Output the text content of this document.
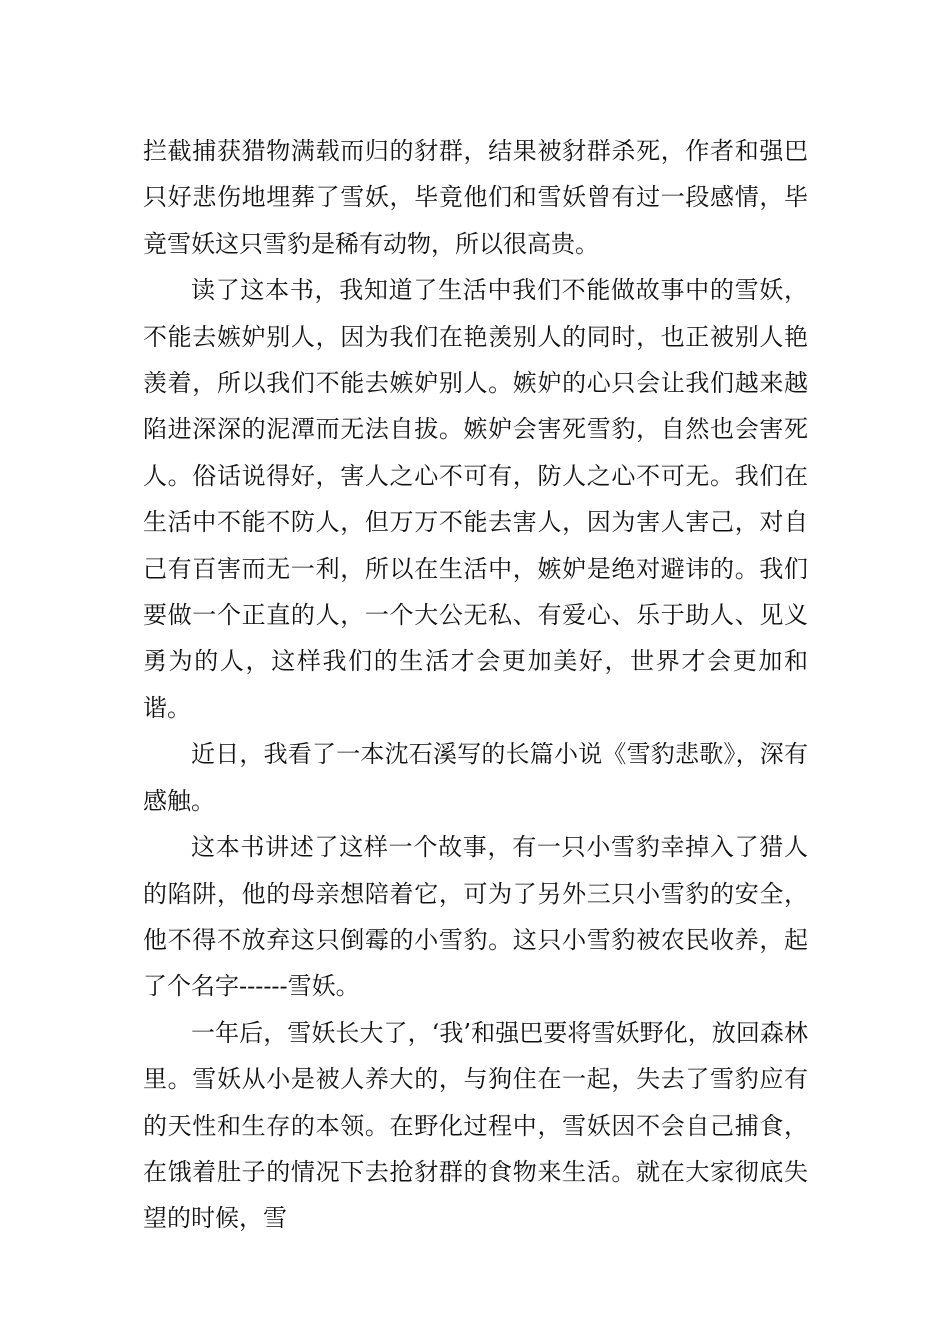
拦截捕获猎物满载而归的豺群，结果被豺群杀死，作者和强巴只好悲伤地埋葬了雪妖，毕竟他们和雪妖曾有过一段感情，毕竟雪妖这只雪豹是稀有动物，所以很高贵。

读了这本书，我知道了生活中我们不能做故事中的雪妖，不能去嫉妒别人，因为我们在艳羡别人的同时，也正被别人艳羡着，所以我们不能去嫉妒别人。嫉妒的心只会让我们越来越陷进深深的泥潭而无法自拔。嫉妒会害死雪豹，自然也会害死人。俗话说得好，害人之心不可有，防人之心不可无。我们在生活中不能不防人，但万万不能去害人，因为害人害己，对自己有百害而无一利，所以在生活中，嫉妒是绝对避讳的。我们要做一个正直的人，一个大公无私、有爱心、乐于助人、见义勇为的人，这样我们的生活才会更加美好，世界才会更加和谐。

近日，我看了一本沈石溪写的长篇小说《雪豹悲歌》，深有感触。

这本书讲述了这样一个故事，有一只小雪豹幸掉入了猎人的陷阱，他的母亲想陪着它，可为了另外三只小雪豹的安全，他不得不放弃这只倒霉的小雪豹。这只小雪豹被农民收养，起了个名字------雪妖。

一年后，雪妖长大了，‘我’和强巴要将雪妖野化，放回森林里。雪妖从小是被人养大的，与狗住在一起，失去了雪豹应有的天性和生存的本领。在野化过程中，雪妖因不会自己捕食，在饿着肚子的情况下去抢豺群的食物来生活。就在大家彻底失望的时候，雪
